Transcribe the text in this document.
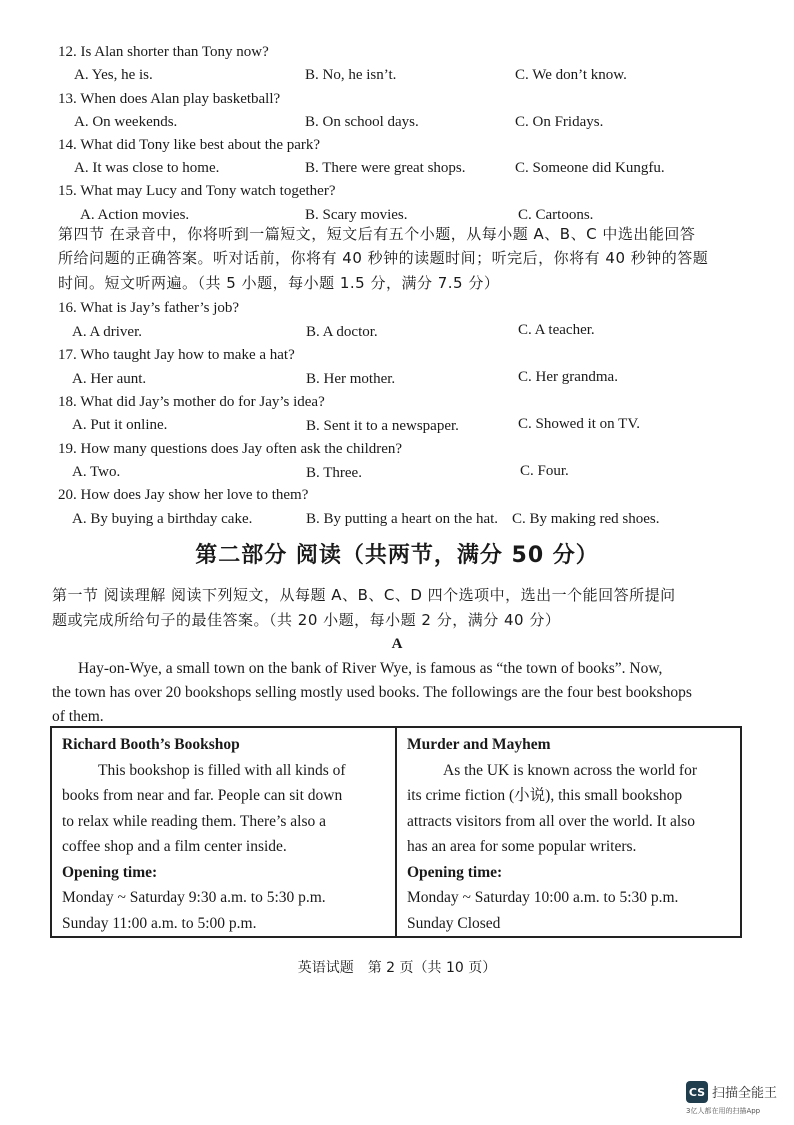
12. Is Alan shorter than Tony now?
A. Yes, he is.	B. No, he isn’t.	C. We don’t know.
13. When does Alan play basketball?
A. On weekends.	B. On school days.	C. On Fridays.
14. What did Tony like best about the park?
A. It was close to home.	B. There were great shops.	C. Someone did Kungfu.
15. What may Lucy and Tony watch together?
A. Action movies.	B. Scary movies.	C. Cartoons.
第四节 在录音中，你将听到一篇短文，短文后有五个小题，从每小题 A、B、C 中选出能回答
所给问题的正确答案。听对话前，你将有 40 秒钟的读题时间；听完后，你将有 40 秒钟的答题
时间。短文听两遍。（共 5 小题，每小题 1.5 分，满分 7.5 分）
16. What is Jay’s father’s job?
A. A driver.	B. A doctor.	C. A teacher.
17. Who taught Jay how to make a hat?
A. Her aunt.	B. Her mother.	C. Her grandma.
18. What did Jay’s mother do for Jay’s idea?
A. Put it online.	B. Sent it to a newspaper.	C. Showed it on TV.
19. How many questions does Jay often ask the children?
A. Two.	B. Three.	C. Four.
20. How does Jay show her love to them?
A. By buying a birthday cake.	B. By putting a heart on the hat. C. By making red shoes.
第二部分 阅读（共两节，满分 50 分）
第一节 阅读理解 阅读下列短文，从每题 A、B、C、D 四个选项中，选出一个能回答所提问
题或完成所给句子的最佳答案。（共 20 小题，每小题 2 分，满分 40 分）
A
Hay-on-Wye, a small town on the bank of River Wye, is famous as “the town of books”. Now,
the town has over 20 bookshops selling mostly used books. The followings are the four best bookshops
of them.
Richard Booth’s Bookshop
This bookshop is filled with all kinds of
books from near and far. People can sit down
to relax while reading them. There’s also a
coffee shop and a film center inside.
Opening time:
Monday ~ Saturday 9:30 a.m. to 5:30 p.m.
Sunday 11:00 a.m. to 5:00 p.m.

Murder and Mayhem
As the UK is known across the world for
its crime fiction (小说), this small bookshop
attracts visitors from all over the world. It also
has an area for some popular writers.
Opening time:
Monday ~ Saturday 10:00 a.m. to 5:30 p.m.
Sunday Closed
英语试题　第 2 页（共 10 页）
CS 扫描全能王
3亿人都在用的扫描App
